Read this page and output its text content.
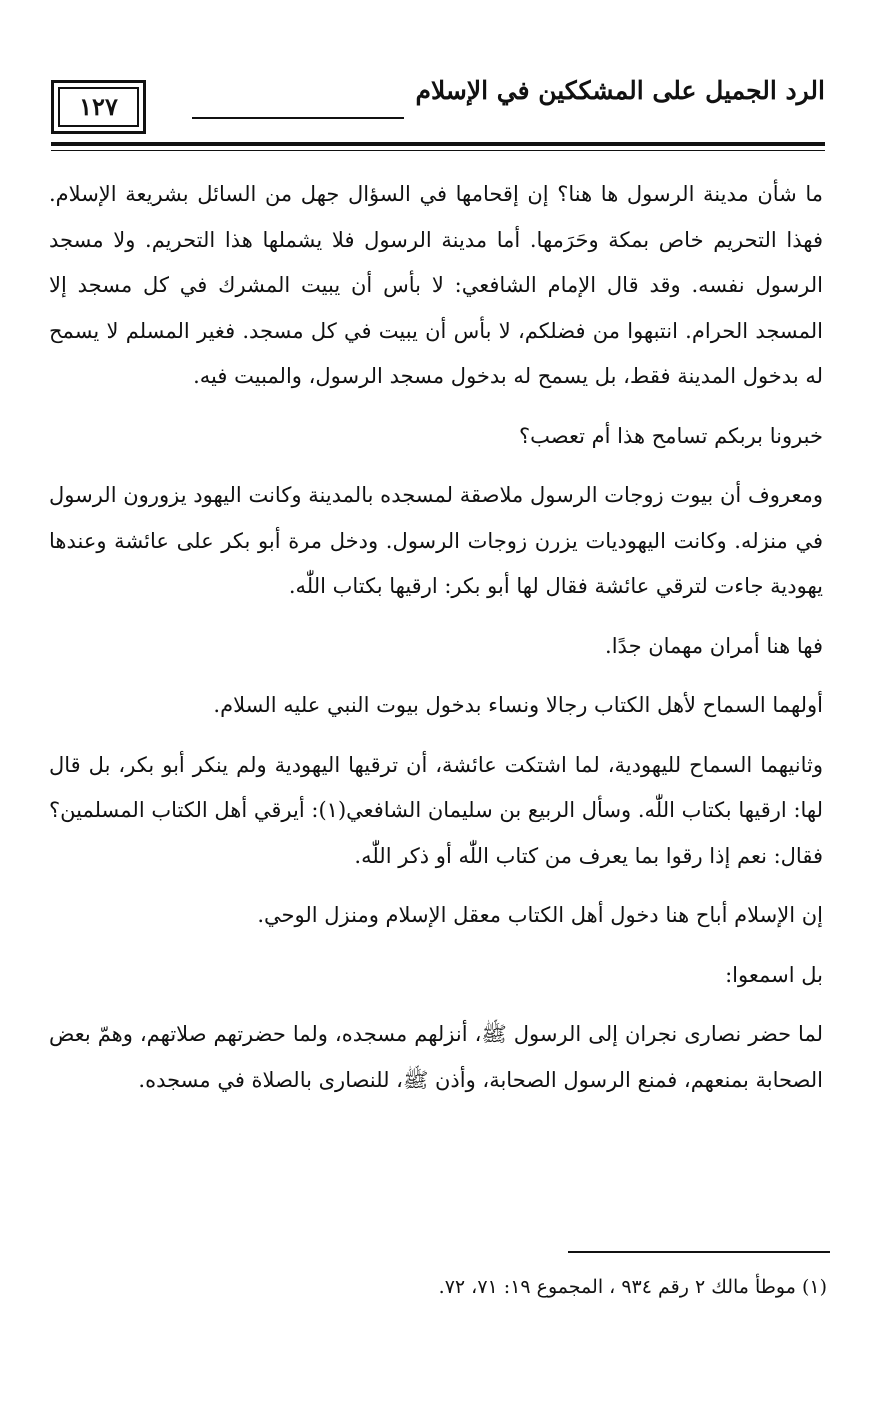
الرد الجميل على المشككين في الإسلام
١٢٧

ما شأن مدينة الرسول ها هنا؟ إن إقحامها في السؤال جهل من السائل بشريعة الإسلام. فهذا التحريم خاص بمكة وحَرَمها. أما مدينة الرسول فلا يشملها هذا التحريم. ولا مسجد الرسول نفسه. وقد قال الإمام الشافعي: لا بأس أن يبيت المشرك في كل مسجد إلا المسجد الحرام. انتبهوا من فضلكم، لا بأس أن يبيت في كل مسجد. فغير المسلم لا يسمح له بدخول المدينة فقط، بل يسمح له بدخول مسجد الرسول، والمبيت فيه.

خبرونا بربكم تسامح هذا أم تعصب؟

ومعروف أن بيوت زوجات الرسول ملاصقة لمسجده بالمدينة وكانت اليهود يزورون الرسول في منزله. وكانت اليهوديات يزرن زوجات الرسول. ودخل مرة أبو بكر على عائشة وعندها يهودية جاءت لترقي عائشة فقال لها أبو بكر: ارقيها بكتاب اللّٰه.

فها هنا أمران مهمان جدًا.

أولهما السماح لأهل الكتاب رجالا ونساء بدخول بيوت النبي عليه السلام.

وثانيهما السماح لليهودية، لما اشتكت عائشة، أن ترقيها اليهودية ولم ينكر أبو بكر، بل قال لها: ارقيها بكتاب اللّٰه. وسأل الربيع بن سليمان الشافعي(١): أيرقي أهل الكتاب المسلمين؟ فقال: نعم إذا رقوا بما يعرف من كتاب اللّٰه أو ذكر اللّٰه.

إن الإسلام أباح هنا دخول أهل الكتاب معقل الإسلام ومنزل الوحي.

بل اسمعوا:

لما حضر نصارى نجران إلى الرسول ﷺ، أنزلهم مسجده، ولما حضرتهم صلاتهم، وهمّ بعض الصحابة بمنعهم، فمنع الرسول الصحابة، وأذن ﷺ، للنصارى بالصلاة في مسجده.

(١) موطأ مالك ٢ رقم ٩٣٤ ، المجموع ١٩: ٧١، ٧٢.
